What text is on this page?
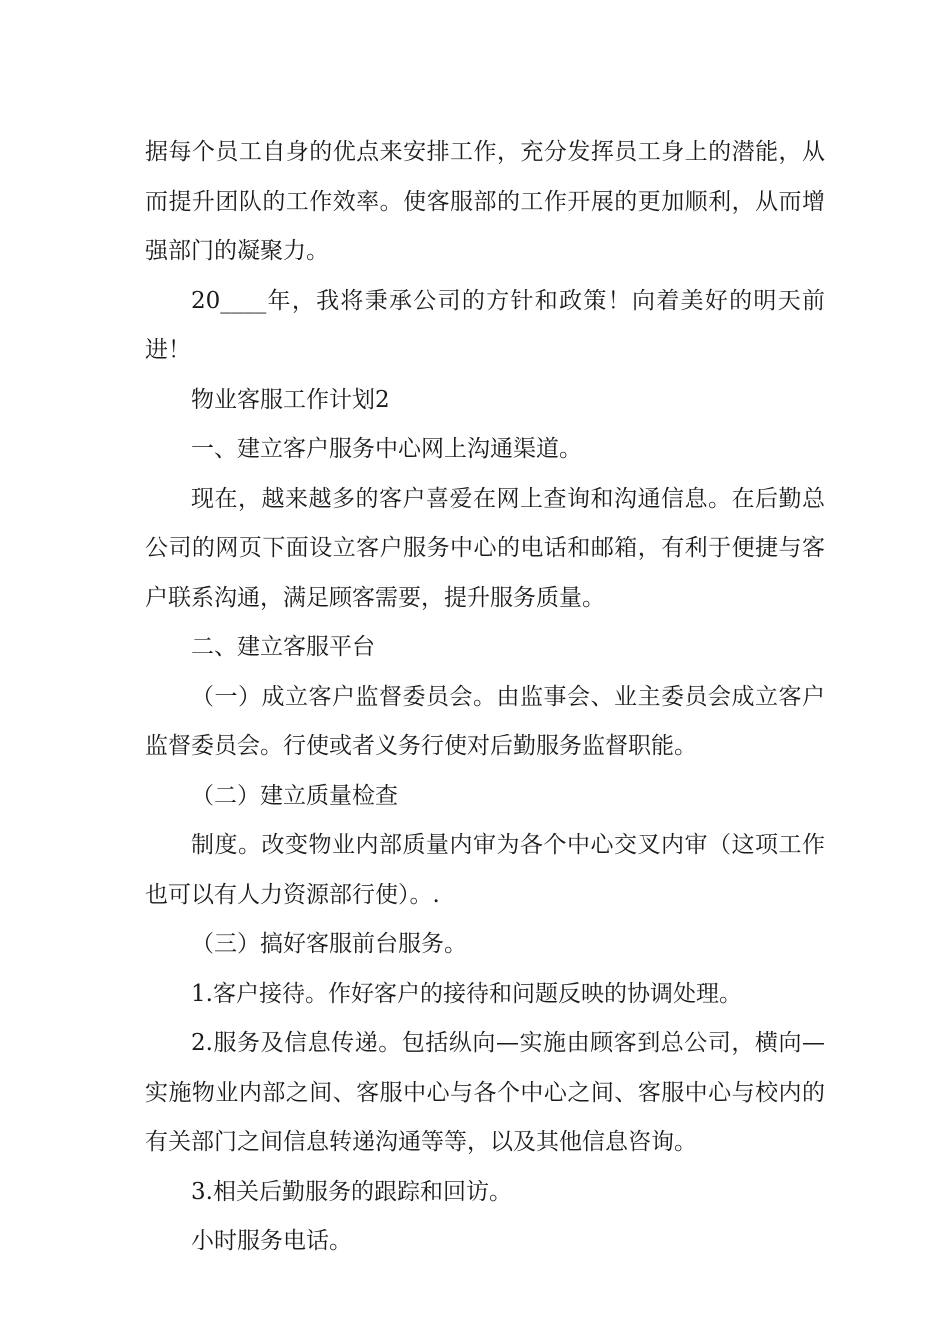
据每个员工自身的优点来安排工作，充分发挥员工身上的潜能，从而提升团队的工作效率。使客服部的工作开展的更加顺利，从而增强部门的凝聚力。

20____年，我将秉承公司的方针和政策！向着美好的明天前进！

物业客服工作计划2

一、建立客户服务中心网上沟通渠道。

现在，越来越多的客户喜爱在网上查询和沟通信息。在后勤总公司的网页下面设立客户服务中心的电话和邮箱，有利于便捷与客户联系沟通，满足顾客需要，提升服务质量。

二、建立客服平台

（一）成立客户监督委员会。由监事会、业主委员会成立客户监督委员会。行使或者义务行使对后勤服务监督职能。

（二）建立质量检查

制度。改变物业内部质量内审为各个中心交叉内审（这项工作也可以有人力资源部行使）。.

（三）搞好客服前台服务。

1.客户接待。作好客户的接待和问题反映的协调处理。

2.服务及信息传递。包括纵向—实施由顾客到总公司，横向—实施物业内部之间、客服中心与各个中心之间、客服中心与校内的有关部门之间信息转递沟通等等，以及其他信息咨询。

3.相关后勤服务的跟踪和回访。

小时服务电话。
